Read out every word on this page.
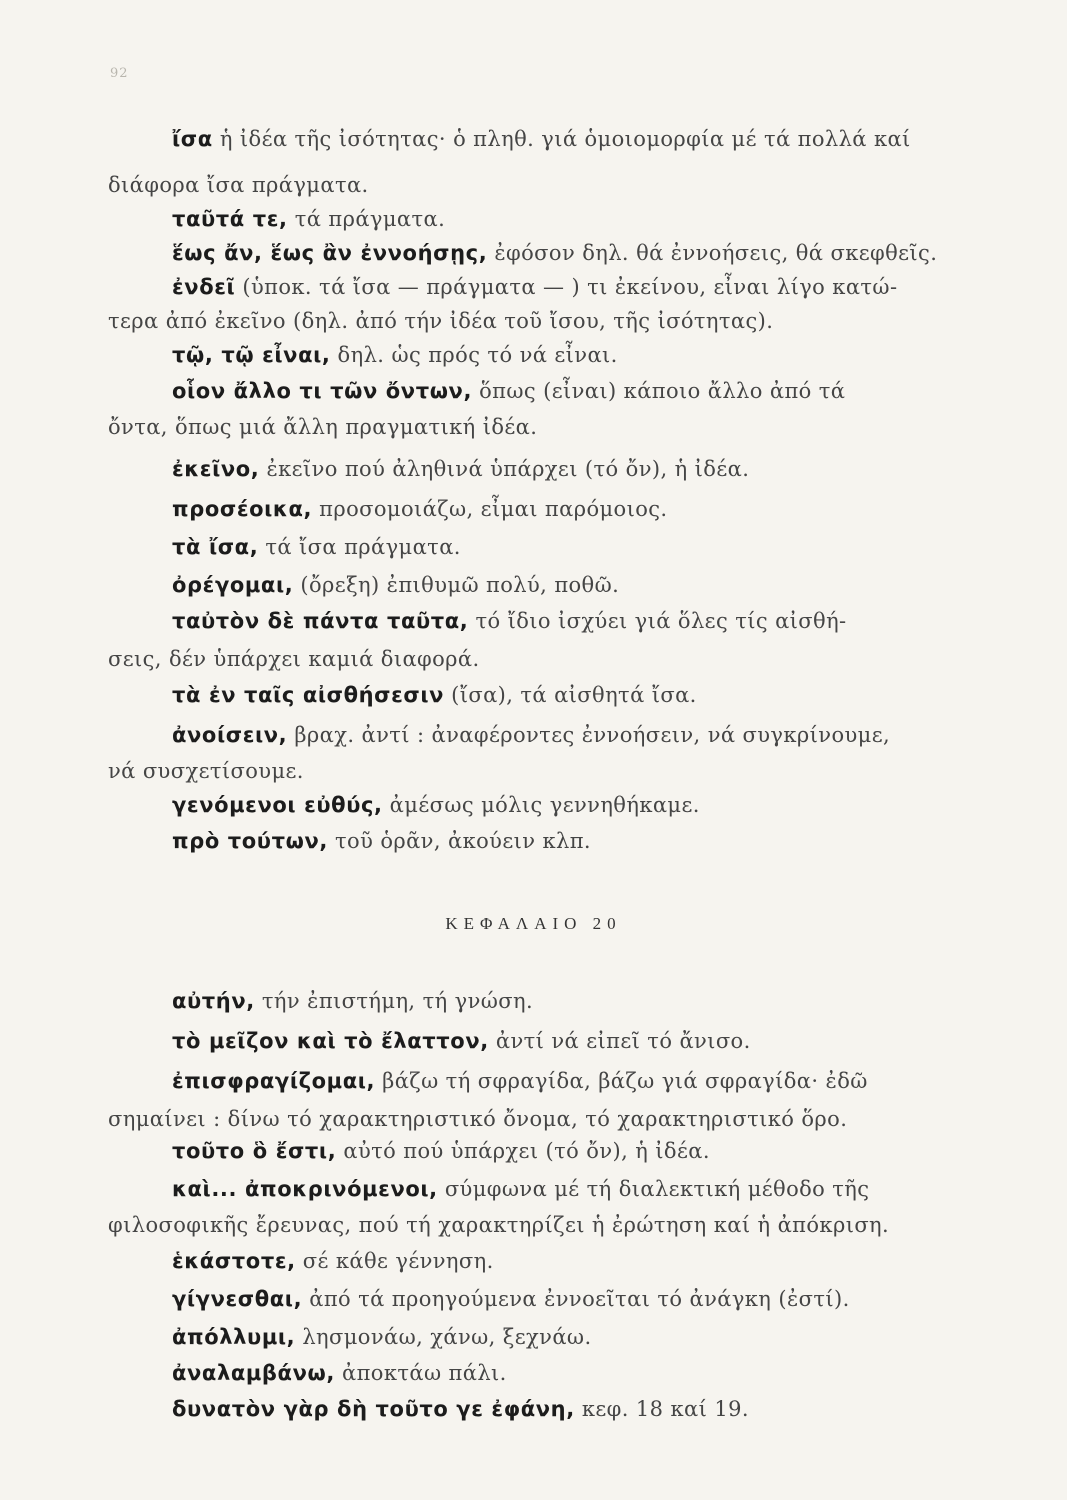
92
ἴσα ἡ ἰδέα τῆς ἰσότητας· ὁ πληθ. γιά ὁμοιομορφία μέ τά πολλά καί
διάφορα ἴσα πράγματα.
ταῦτά τε, τά πράγματα.
ἕως ἄν, ἕως ἂν ἐννοήσῃς, ἐφόσον δηλ. θά ἐννοήσεις, θά σκεφθεῖς.
ἐνδεῖ (ὑποκ. τά ἴσα — πράγματα — ) τι ἐκείνου, εἶναι λίγο κατώ-
τερα ἀπό ἐκεῖνο (δηλ. ἀπό τήν ἰδέα τοῦ ἴσου, τῆς ἰσότητας).
τῷ, τῷ εἶναι, δηλ. ὡς πρός τό νά εἶναι.
οἷον ἄλλο τι τῶν ὄντων, ὅπως (εἶναι) κάποιο ἄλλο ἀπό τά
ὄντα, ὅπως μιά ἄλλη πραγματική ἰδέα.
ἐκεῖνο, ἐκεῖνο πού ἀληθινά ὑπάρχει (τό ὄν), ἡ ἰδέα.
προσέοικα, προσομοιάζω, εἶμαι παρόμοιος.
τὰ ἴσα, τά ἴσα πράγματα.
ὀρέγομαι, (ὄρεξη) ἐπιθυμῶ πολύ, ποθῶ.
ταὐτὸν δὲ πάντα ταῦτα, τό ἴδιο ἰσχύει γιά ὅλες τίς αἰσθή-
σεις, δέν ὑπάρχει καμιά διαφορά.
τὰ ἐν ταῖς αἰσθήσεσιν (ἴσα), τά αἰσθητά ἴσα.
ἀνοίσειν, βραχ. ἀντί : ἀναφέροντες ἐννοήσειν, νά συγκρίνουμε,
νά συσχετίσουμε.
γενόμενοι εὐθύς, ἀμέσως μόλις γεννηθήκαμε.
πρὸ τούτων, τοῦ ὁρᾶν, ἀκούειν κλπ.
αὐτήν, τήν ἐπιστήμη, τή γνώση.
τὸ μεῖζον καὶ τὸ ἔλαττον, ἀντί νά εἰπεῖ τό ἄνισο.
ἐπισφραγίζομαι, βάζω τή σφραγίδα, βάζω γιά σφραγίδα· ἐδῶ
σημαίνει : δίνω τό χαρακτηριστικό ὄνομα, τό χαρακτηριστικό ὅρο.
τοῦτο ὃ ἔστι, αὐτό πού ὑπάρχει (τό ὄν), ἡ ἰδέα.
καὶ... ἀποκρινόμενοι, σύμφωνα μέ τή διαλεκτική μέθοδο τῆς
φιλοσοφικῆς ἔρευνας, πού τή χαρακτηρίζει ἡ ἐρώτηση καί ἡ ἀπόκριση.
ἑκάστοτε, σέ κάθε γέννηση.
γίγνεσθαι, ἀπό τά προηγούμενα ἐννοεῖται τό ἀνάγκη (ἐστί).
ἀπόλλυμι, λησμονάω, χάνω, ξεχνάω.
ἀναλαμβάνω, ἀποκτάω πάλι.
δυνατὸν γὰρ δὴ τοῦτο γε ἐφάνη, κεφ. 18 καί 19.
ΚΕΦΑΛΑΙΟ 20
